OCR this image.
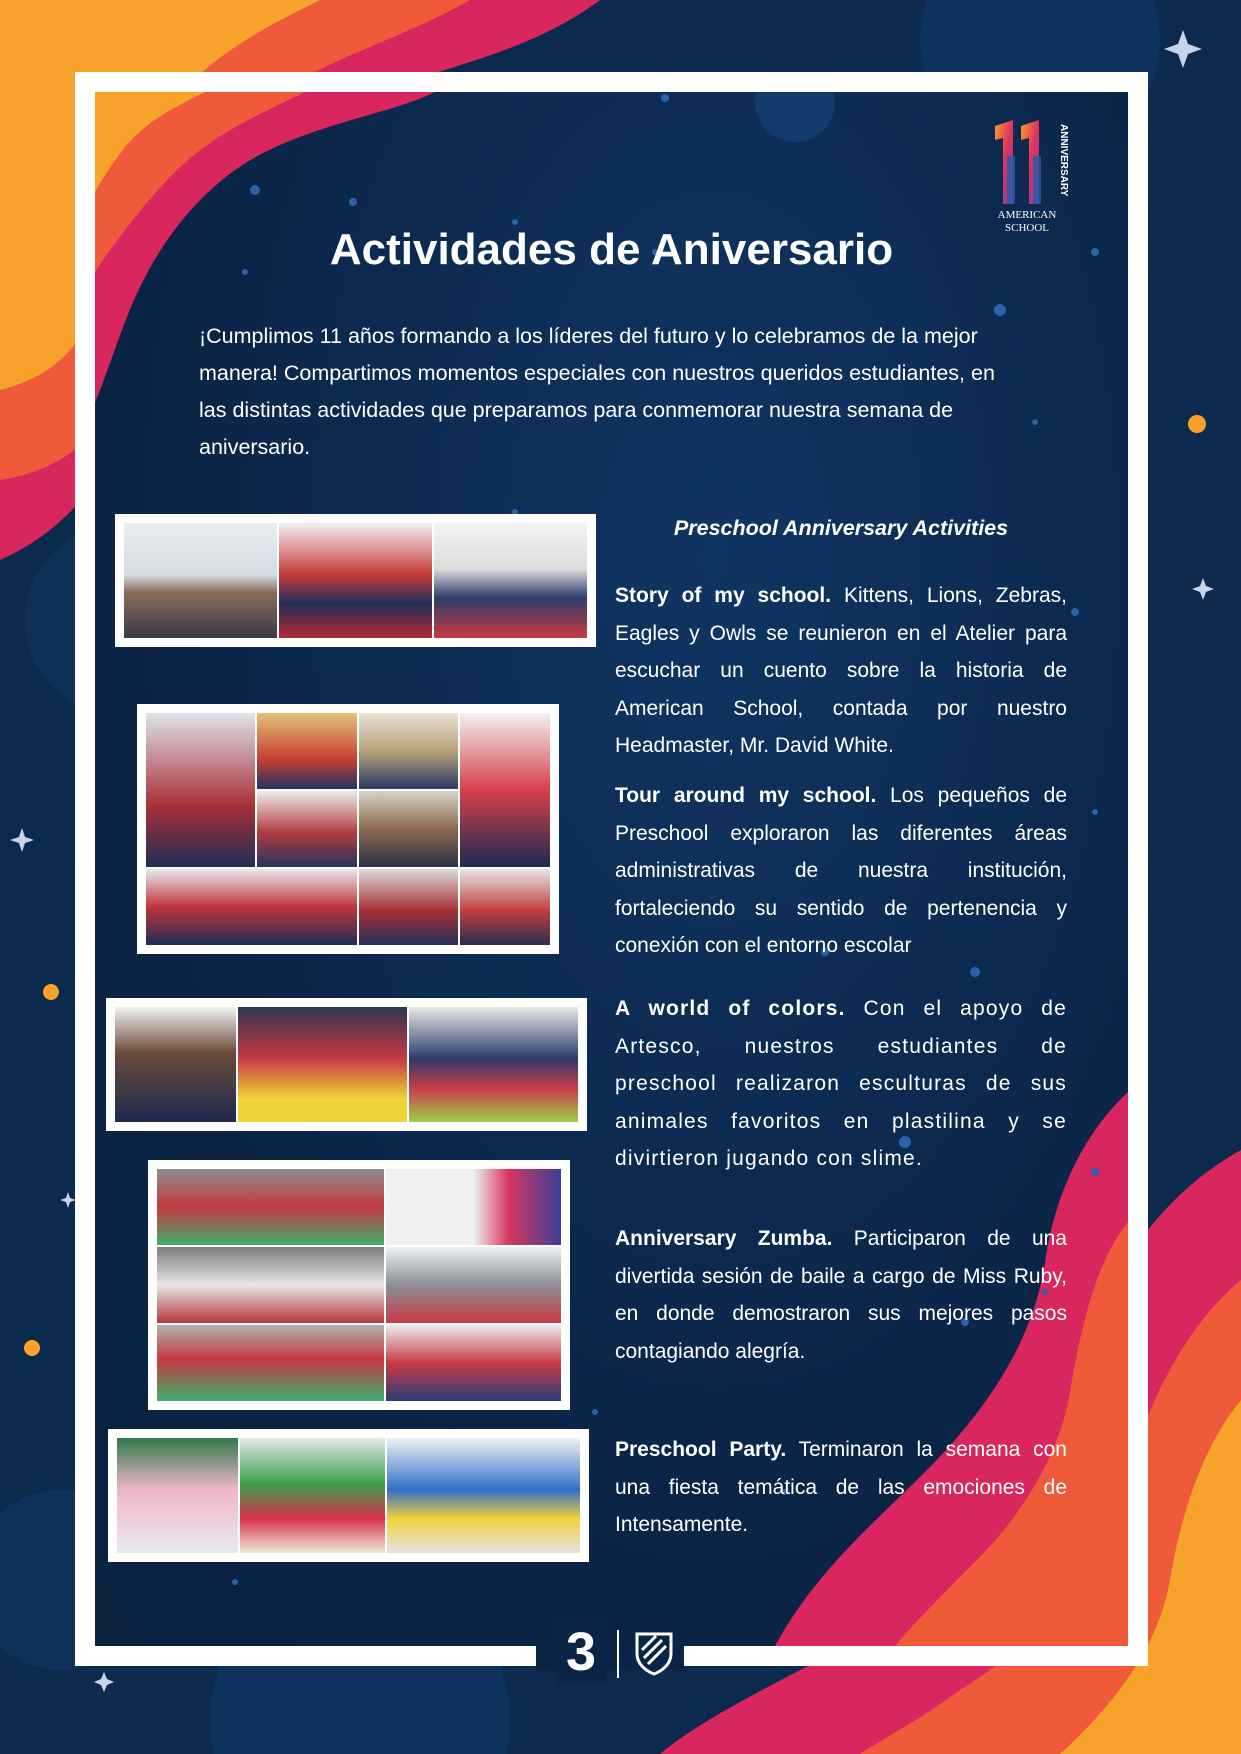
ANNIVERSARY
AMERICAN
SCHOOL
Actividades de Aniversario

¡Cumplimos 11 años formando a los líderes del futuro y lo celebramos de la mejor manera! Compartimos momentos especiales con nuestros queridos estudiantes, en las distintas actividades que preparamos para conmemorar nuestra semana de aniversario.

Preschool Anniversary Activities

Story of my school. Kittens, Lions, Zebras, Eagles y Owls se reunieron en el Atelier para escuchar un cuento sobre la historia de American School, contada por nuestro Headmaster, Mr. David White.

Tour around my school. Los pequeños de Preschool exploraron las diferentes áreas administrativas de nuestra institución, fortaleciendo su sentido de pertenencia y conexión con el entorno escolar

A world of colors. Con el apoyo de Artesco, nuestros estudiantes de preschool realizaron esculturas de sus animales favoritos en plastilina y se divirtieron jugando con slime.

Anniversary Zumba. Participaron de una divertida sesión de baile a cargo de Miss Ruby, en donde demostraron sus mejores pasos contagiando alegría.

Preschool Party. Terminaron la semana con una fiesta temática de las emociones de Intensamente.

3
